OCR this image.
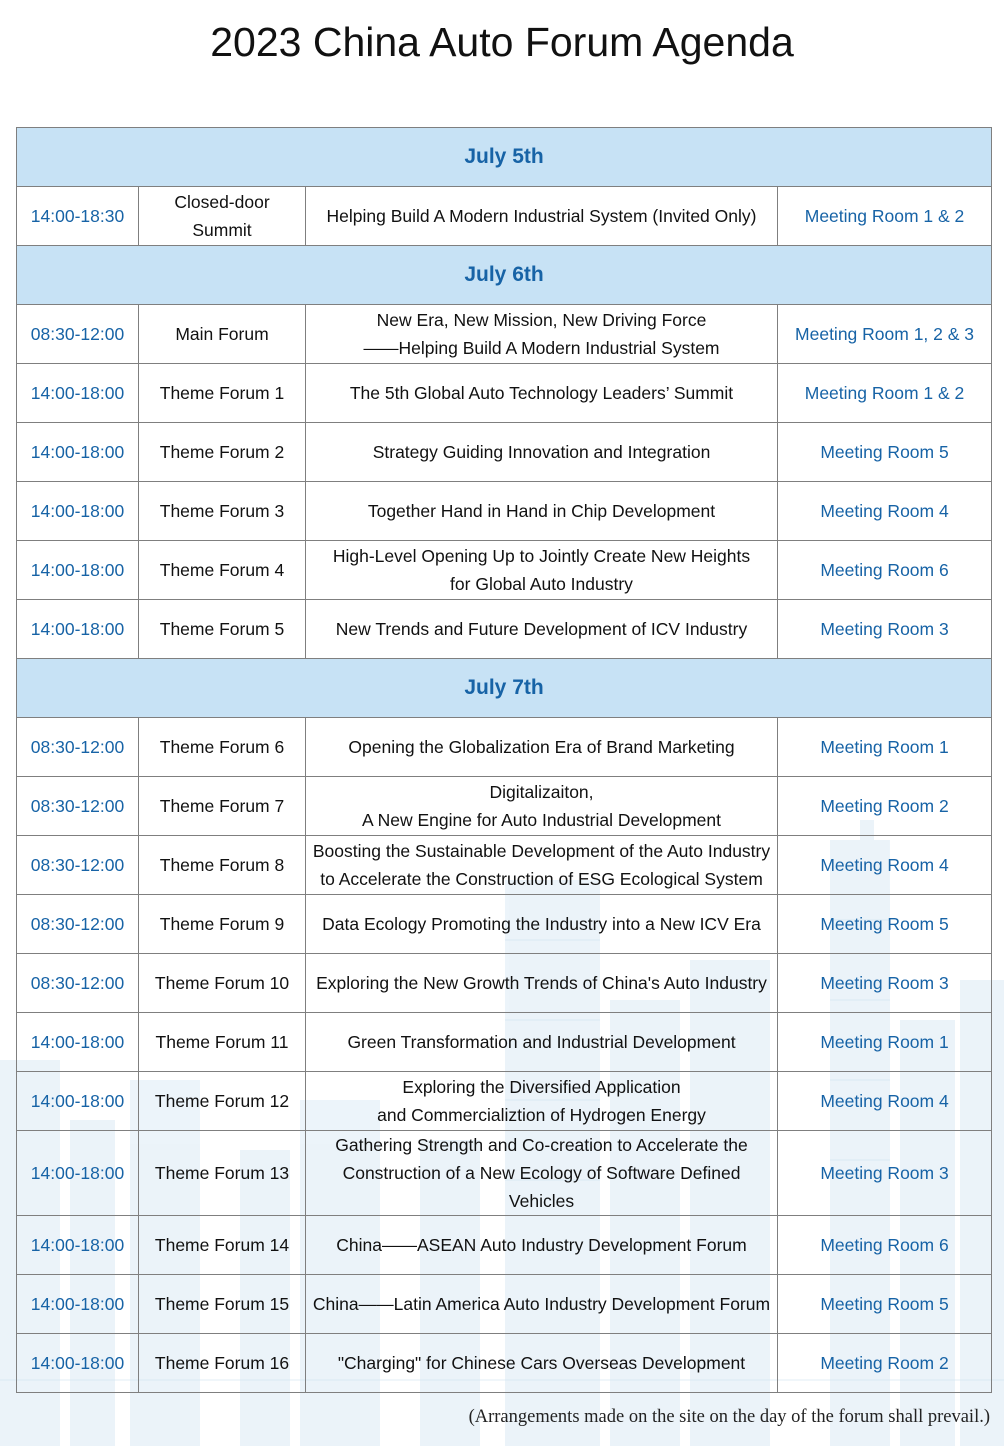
2023 China Auto Forum Agenda
July 5th			

14:00-18:30	Closed-door
Summit	Helping Build A Modern Industrial System (Invited Only)	Meeting Room 1 & 2

July 6th			

08:30-12:00	Main Forum	New Era, New Mission, New Driving Force
——Helping Build A Modern Industrial System	Meeting Room 1, 2 & 3

14:00-18:00	Theme Forum 1	The 5th Global Auto Technology Leaders’ Summit	Meeting Room 1 & 2

14:00-18:00	Theme Forum 2	Strategy Guiding Innovation and Integration	Meeting Room 5

14:00-18:00	Theme Forum 3	Together Hand in Hand in Chip Development	Meeting Room 4

14:00-18:00	Theme Forum 4	High-Level Opening Up to Jointly Create New Heights
for Global Auto Industry	Meeting Room 6

14:00-18:00	Theme Forum 5	New Trends and Future Development of ICV Industry	Meeting Room 3

July 7th			

08:30-12:00	Theme Forum 6	Opening the Globalization Era of Brand Marketing	Meeting Room 1

08:30-12:00	Theme Forum 7	Digitalizaiton,
A New Engine for Auto Industrial Development	Meeting Room 2

08:30-12:00	Theme Forum 8	Boosting the Sustainable Development of the Auto Industry
to Accelerate the Construction of ESG Ecological System	Meeting Room 4

08:30-12:00	Theme Forum 9	Data Ecology Promoting the Industry into a New ICV Era	Meeting Room 5

08:30-12:00	Theme Forum 10	Exploring the New Growth Trends of China's Auto Industry	Meeting Room 3

14:00-18:00	Theme Forum 11	Green Transformation and Industrial Development	Meeting Room 1

14:00-18:00	Theme Forum 12	Exploring the Diversified Application
and Commercializtion of Hydrogen Energy	Meeting Room 4

14:00-18:00	Theme Forum 13	Gathering Strength and Co-creation to Accelerate the
Construction of a New Ecology of Software Defined Vehicles	Meeting Room 3

14:00-18:00	Theme Forum 14	China——ASEAN Auto Industry Development Forum	Meeting Room 6

14:00-18:00	Theme Forum 15	China——Latin America Auto Industry Development Forum	Meeting Room 5

14:00-18:00	Theme Forum 16	"Charging" for Chinese Cars Overseas Development	Meeting Room 2
(Arrangements made on the site on the day of the forum shall prevail.)
